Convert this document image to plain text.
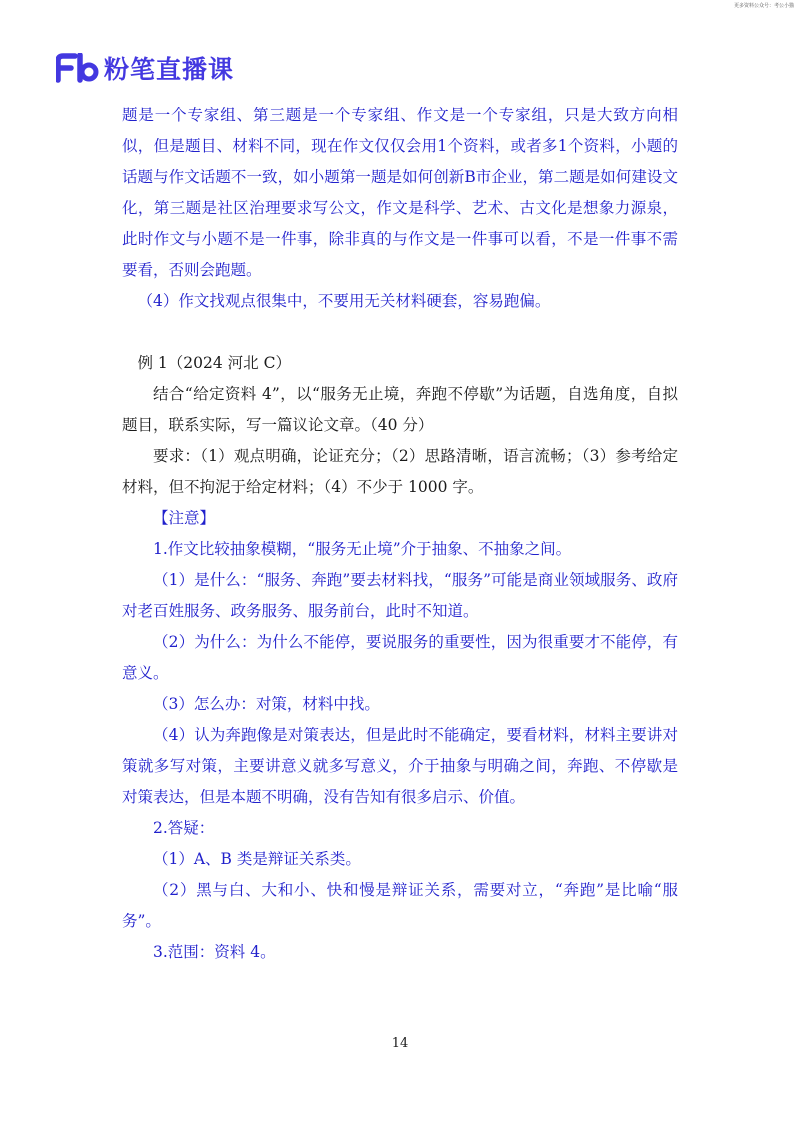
更多资料公众号：考公小猫
粉笔直播课

题是一个专家组、第三题是一个专家组、作文是一个专家组，只是大致方向相似，但是题目、材料不同，现在作文仅仅会用1个资料，或者多1个资料，小题的话题与作文话题不一致，如小题第一题是如何创新B市企业，第二题是如何建设文化，第三题是社区治理要求写公文，作文是科学、艺术、古文化是想象力源泉，此时作文与小题不是一件事，除非真的与作文是一件事可以看，不是一件事不需要看，否则会跑题。

（4）作文找观点很集中，不要用无关材料硬套，容易跑偏。

例 1（2024 河北 C）

结合“给定资料 4”，以“服务无止境，奔跑不停歇”为话题，自选角度，自拟题目，联系实际，写一篇议论文章。（40 分）

要求：（1）观点明确，论证充分；（2）思路清晰，语言流畅；（3）参考给定材料，但不拘泥于给定材料；（4）不少于 1000 字。

【注意】

1.作文比较抽象模糊，“服务无止境”介于抽象、不抽象之间。

（1）是什么：“服务、奔跑”要去材料找，“服务”可能是商业领域服务、政府对老百姓服务、政务服务、服务前台，此时不知道。

（2）为什么：为什么不能停，要说服务的重要性，因为很重要才不能停，有意义。

（3）怎么办：对策，材料中找。

（4）认为奔跑像是对策表达，但是此时不能确定，要看材料，材料主要讲对策就多写对策，主要讲意义就多写意义，介于抽象与明确之间，奔跑、不停歇是对策表达，但是本题不明确，没有告知有很多启示、价值。

2.答疑：

（1）A、B 类是辩证关系类。

（2）黑与白、大和小、快和慢是辩证关系，需要对立，“奔跑”是比喻“服务”。

3.范围：资料 4。

14
